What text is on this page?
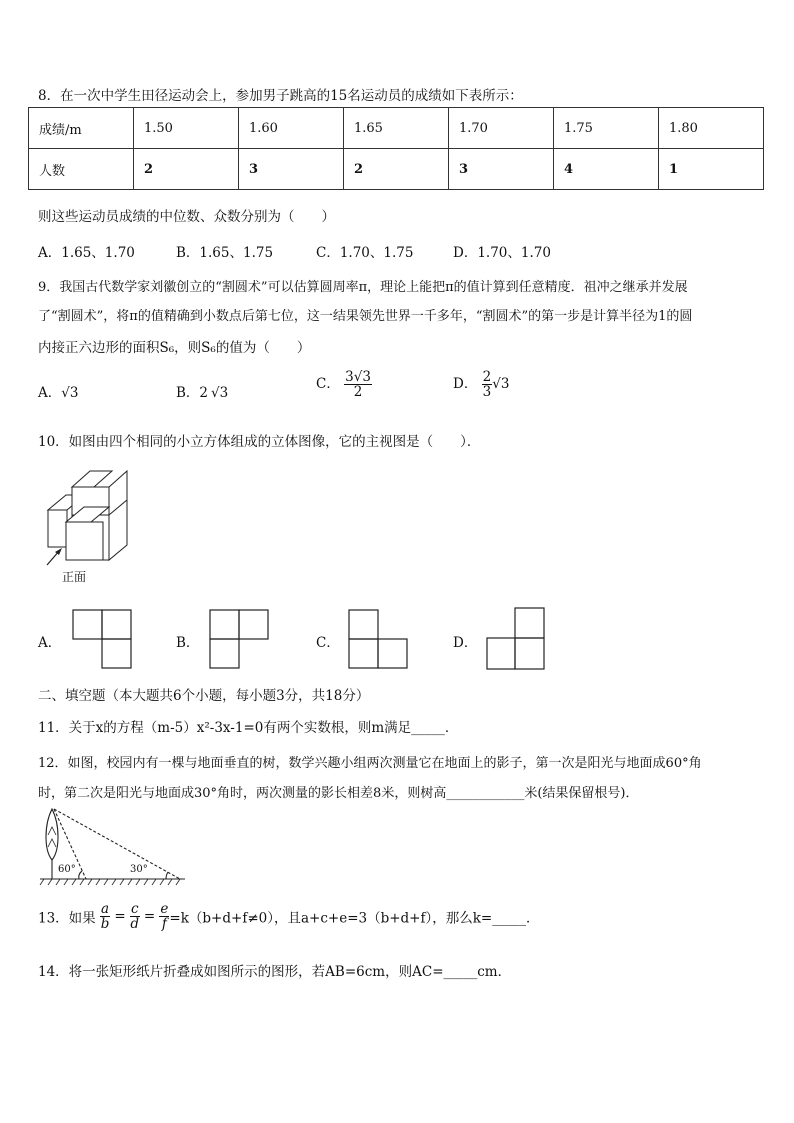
8．在一次中学生田径运动会上，参加男子跳高的15名运动员的成绩如下表所示：
成绩/m	1.50	1.60	1.65	1.70	1.75	1.80
人数	2	3	2	3	4	1
则这些运动员成绩的中位数、众数分别为（　　）
A．1.65、1.70	B．1.65、1.75	C．1.70、1.75	D．1.70、1.70
9．我国古代数学家刘徽创立的“割圆术”可以估算圆周率π，理论上能把π的值计算到任意精度．祖冲之继承并发展
了“割圆术”，将π的值精确到小数点后第七位，这一结果领先世界一千多年，“割圆术”的第一步是计算半径为1的圆
内接正六边形的面积S₆，则S₆的值为（　　）
A．√3	B．2 √3
C． $\frac{3√3}{2}$	D． $\frac{2}{3} √3$
10．如图由四个相同的小立方体组成的立体图像，它的主视图是（　　）．
正面
A．	B．	C．	D．
二、填空题（本大题共6个小题，每小题3分，共18分）
11．关于x的方程（m-5）x²-3x-1=0有两个实数根，则m满足_____．
12．如图，校园内有一棵与地面垂直的树，数学兴趣小组两次测量它在地面上的影子，第一次是阳光与地面成60°角
时，第二次是阳光与地面成30°角时，两次测量的影长相差8米，则树高____________米(结果保留根号)．
60°	30°
13．如果 $\frac{a}{b} = \frac{c}{d} = \frac{e}{f} =k(b+d+f\ne 0)$，且a+c+e=3（b+d+f），那么k=_____．
14．将一张矩形纸片折叠成如图所示的图形，若AB=6cm，则AC=_____cm．
